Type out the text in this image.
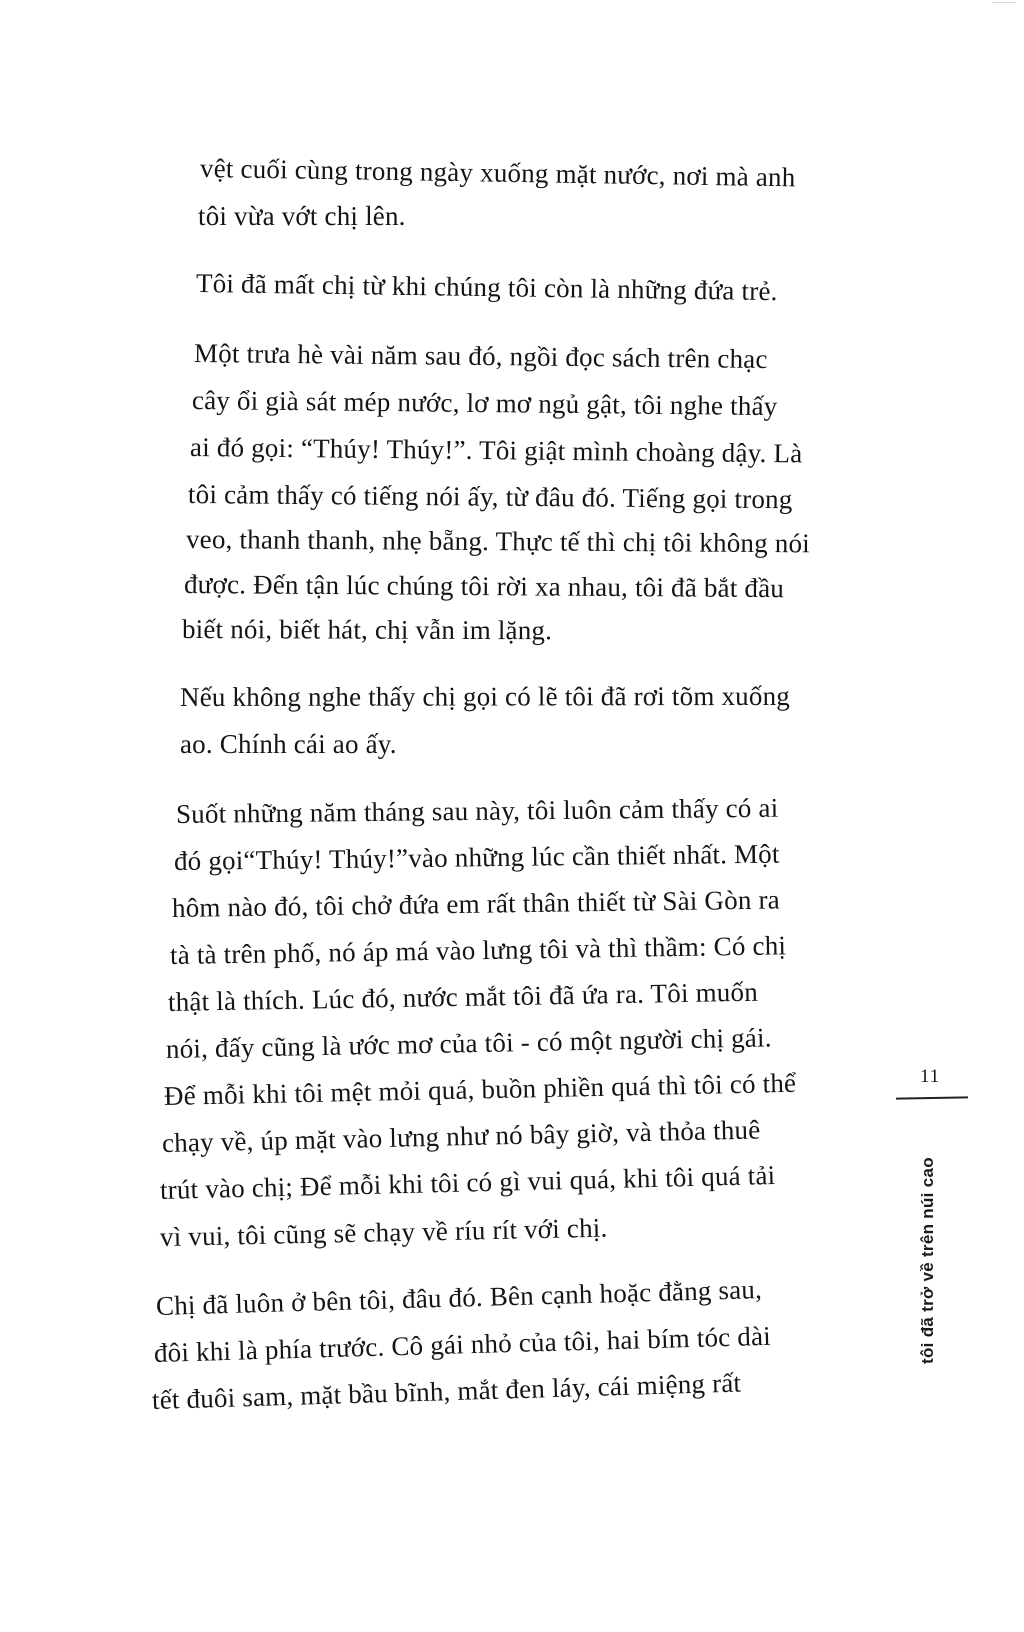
vệt cuối cùng trong ngày xuống mặt nước, nơi mà anh
tôi vừa vớt chị lên.
Tôi đã mất chị từ khi chúng tôi còn là những đứa trẻ.
Một trưa hè vài năm sau đó, ngồi đọc sách trên chạc
cây ổi già sát mép nước, lơ mơ ngủ gật, tôi nghe thấy
ai đó gọi: “Thúy! Thúy!”. Tôi giật mình choàng dậy. Là
tôi cảm thấy có tiếng nói ấy, từ đâu đó. Tiếng gọi trong
veo, thanh thanh, nhẹ bẵng. Thực tế thì chị tôi không nói
được. Đến tận lúc chúng tôi rời xa nhau, tôi đã bắt đầu
biết nói, biết hát, chị vẫn im lặng.
Nếu không nghe thấy chị gọi có lẽ tôi đã rơi tõm xuống
ao. Chính cái ao ấy.
Suốt những năm tháng sau này, tôi luôn cảm thấy có ai
đó gọi“Thúy! Thúy!”vào những lúc cần thiết nhất. Một
hôm nào đó, tôi chở đứa em rất thân thiết từ Sài Gòn ra
tà tà trên phố, nó áp má vào lưng tôi và thì thầm: Có chị
thật là thích. Lúc đó, nước mắt tôi đã ứa ra. Tôi muốn
nói, đấy cũng là ước mơ của tôi - có một người chị gái.
Để mỗi khi tôi mệt mỏi quá, buồn phiền quá thì tôi có thể
chạy về, úp mặt vào lưng như nó bây giờ, và thỏa thuê
trút vào chị; Để mỗi khi tôi có gì vui quá, khi tôi quá tải
vì vui, tôi cũng sẽ chạy về ríu rít với chị.
Chị đã luôn ở bên tôi, đâu đó. Bên cạnh hoặc đằng sau,
đôi khi là phía trước. Cô gái nhỏ của tôi, hai bím tóc dài
tết đuôi sam, mặt bầu bĩnh, mắt đen láy, cái miệng rất
11
tôi đã trở về trên núi cao
